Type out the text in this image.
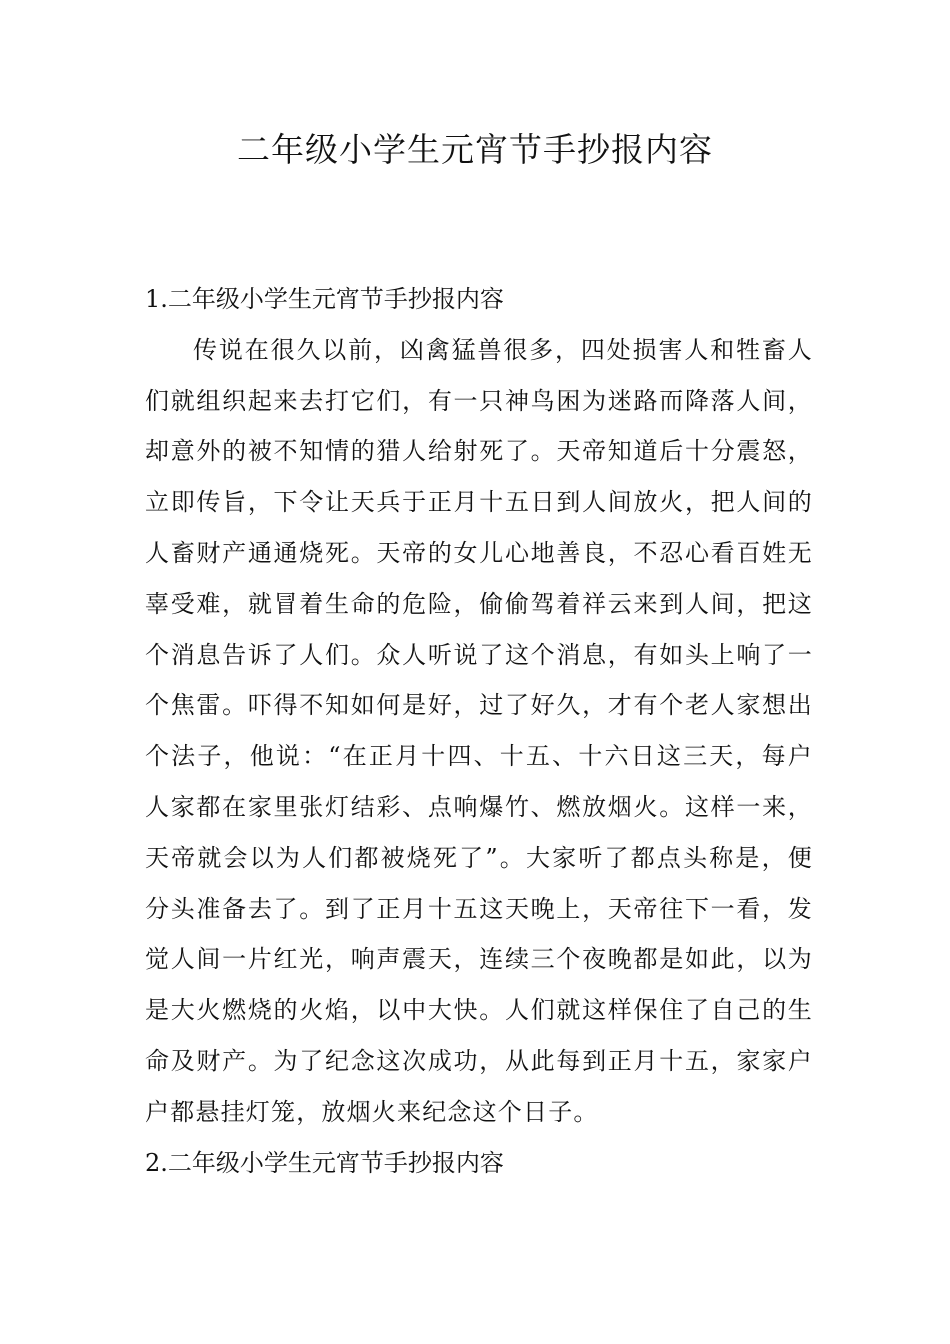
二年级小学生元宵节手抄报内容

1.二年级小学生元宵节手抄报内容

传说在很久以前，凶禽猛兽很多，四处损害人和牲畜人们就组织起来去打它们，有一只神鸟困为迷路而降落人间，却意外的被不知情的猎人给射死了。天帝知道后十分震怒，立即传旨，下令让天兵于正月十五日到人间放火，把人间的人畜财产通通烧死。天帝的女儿心地善良，不忍心看百姓无辜受难，就冒着生命的危险，偷偷驾着祥云来到人间，把这个消息告诉了人们。众人听说了这个消息，有如头上响了一个焦雷。吓得不知如何是好，过了好久，才有个老人家想出个法子，他说：“在正月十四、十五、十六日这三天，每户人家都在家里张灯结彩、点响爆竹、燃放烟火。这样一来，天帝就会以为人们都被烧死了”。大家听了都点头称是，便分头准备去了。到了正月十五这天晚上，天帝往下一看，发觉人间一片红光，响声震天，连续三个夜晚都是如此，以为是大火燃烧的火焰，以中大快。人们就这样保住了自己的生命及财产。为了纪念这次成功，从此每到正月十五，家家户户都悬挂灯笼，放烟火来纪念这个日子。

2.二年级小学生元宵节手抄报内容
